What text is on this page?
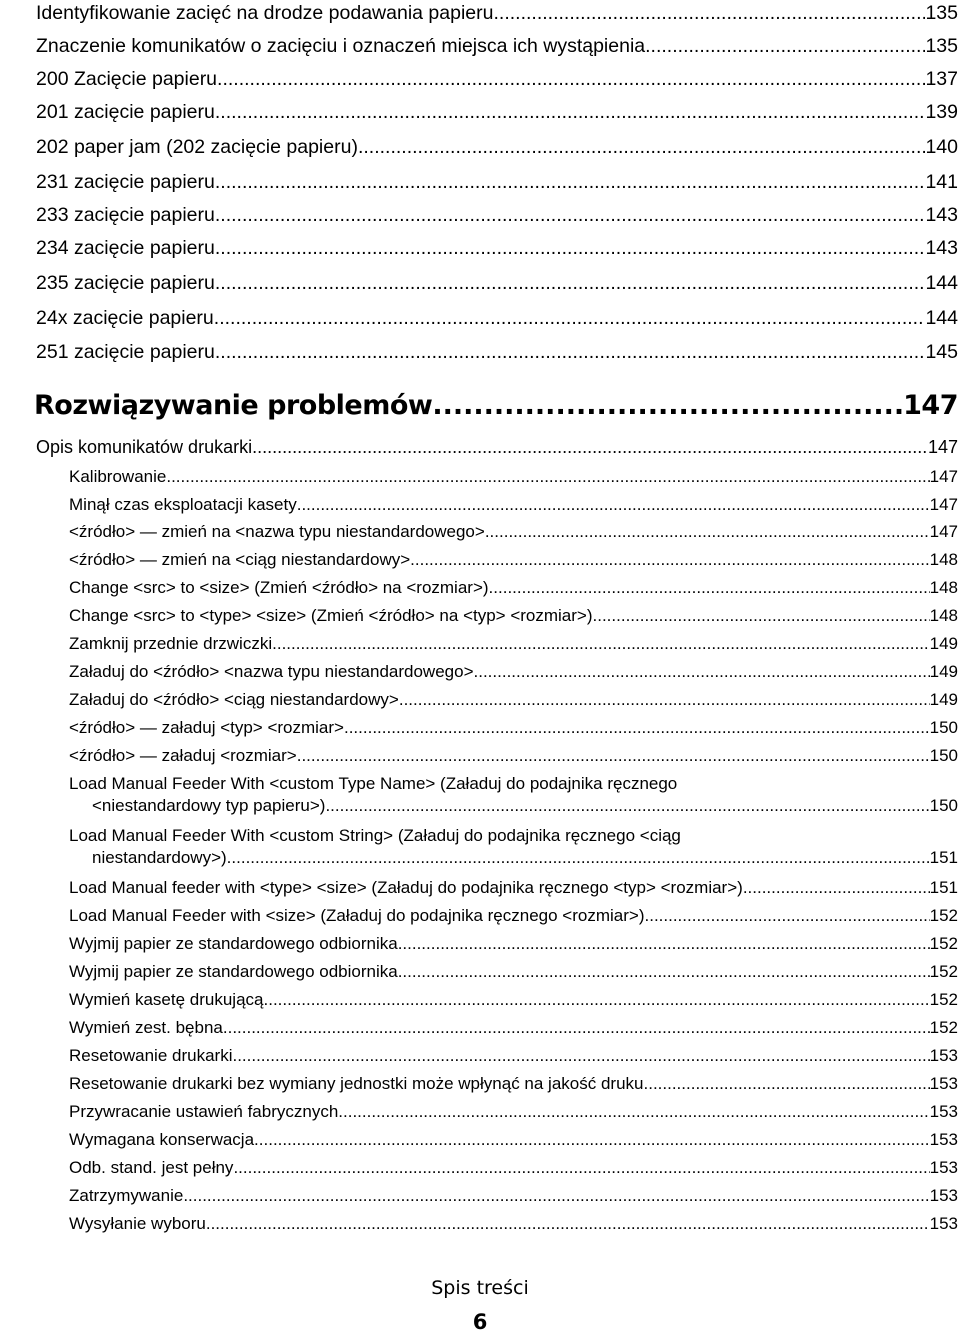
Identyfikowanie zacięć na drodze podawania papieru .....	135
Znaczenie komunikatów o zacięciu i oznaczeń miejsca ich wystąpienia .....	135
200 Zacięcie papieru .....	137
201 zacięcie papieru .....	139
202 paper jam (202 zacięcie papieru) .....	140
231 zacięcie papieru .....	141
233 zacięcie papieru .....	143
234 zacięcie papieru .....	143
235 zacięcie papieru .....	144
24x zacięcie papieru .....	144
251 zacięcie papieru .....	145
Rozwiązywanie problemów .....	147
Opis komunikatów drukarki .....	147
Kalibrowanie .....	147
Minął czas eksploatacji kasety .....	147
<źródło> — zmień na <nazwa typu niestandardowego> .....	147
<źródło> — zmień na <ciąg niestandardowy> .....	148
Change <src> to <size> (Zmień <źródło> na <rozmiar>) .....	148
Change <src> to <type> <size> (Zmień <źródło> na <typ> <rozmiar>) .....	148
Zamknij przednie drzwiczki .....	149
Załaduj do <źródło> <nazwa typu niestandardowego> .....	149
Załaduj do <źródło> <ciąg niestandardowy> .....	149
<źródło> — załaduj <typ> <rozmiar> .....	150
<źródło> — załaduj <rozmiar> .....	150
Load Manual Feeder With <custom Type Name> (Załaduj do podajnika ręcznego
<niestandardowy typ papieru>) .....	150
Load Manual Feeder With <custom String> (Załaduj do podajnika ręcznego <ciąg
niestandardowy>) .....	151
Load Manual feeder with <type> <size> (Załaduj do podajnika ręcznego <typ> <rozmiar>) .....	151
Load Manual Feeder with <size> (Załaduj do podajnika ręcznego <rozmiar>) .....	152
Wyjmij papier ze standardowego odbiornika .....	152
Wyjmij papier ze standardowego odbiornika .....	152
Wymień kasetę drukującą .....	152
Wymień zest. bębna .....	152
Resetowanie drukarki .....	153
Resetowanie drukarki bez wymiany jednostki może wpłynąć na jakość druku .....	153
Przywracanie ustawień fabrycznych .....	153
Wymagana konserwacja .....	153
Odb. stand. jest pełny .....	153
Zatrzymywanie .....	153
Wysyłanie wyboru .....	153
Spis treści
6
